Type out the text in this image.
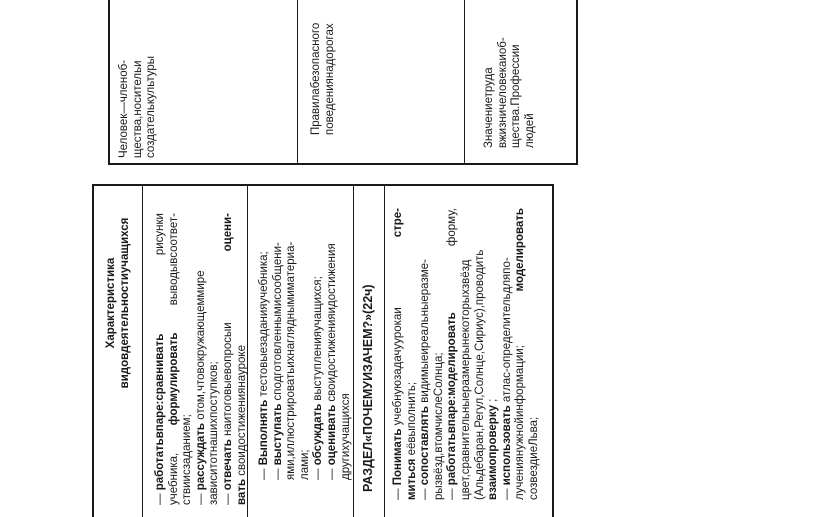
Человек—членоб- щества,носительи создателькультуры	Правилабезопасного поведениянадорогах	Значениетруда вжизничеловекаиоб- щества.Профессии людей
Характеристика видовдеятельностиучащихся
— работатьвпаре:сравнивать
рисунки
учебника,
формулировать
выводывсоответ-
ствиисзаданием; — рассуждать отом,чтовокружающеммире
зависитотнашихпоступков; — отвечать наитоговыевопросыи
оцени-
вать своидостижениянауроке — Выполнять тестовыезаданияучебника;
— выступать сподготовленнымисообщени- ями,иллюстрироватьихнагляднымиматериа- лами; — обсуждать выступленияучащихся;
— оценивать своидостиженияидостижения
другихучащихся РАЗДЕЛ«ПОЧЕМУИЗАЧЕМ?»(22ч)
— Понимать учебнуюзадачуурокаи
стре-
миться еёвыполнить;
— сопоставлять видимыеиреальныеразме-
рызвёзд,втомчислеСолнца; — работатьвпаре:моделировать
форму,
цвет,сравнительныеразмерынекоторыхзвёзд (Альдебаран,Регул,Солнце,Сириус),проводить взаимопроверку ;
— использовать атлас-определительдляпо-
лучениянужнойинформации;
моделировать
созвездиеЛьва;
